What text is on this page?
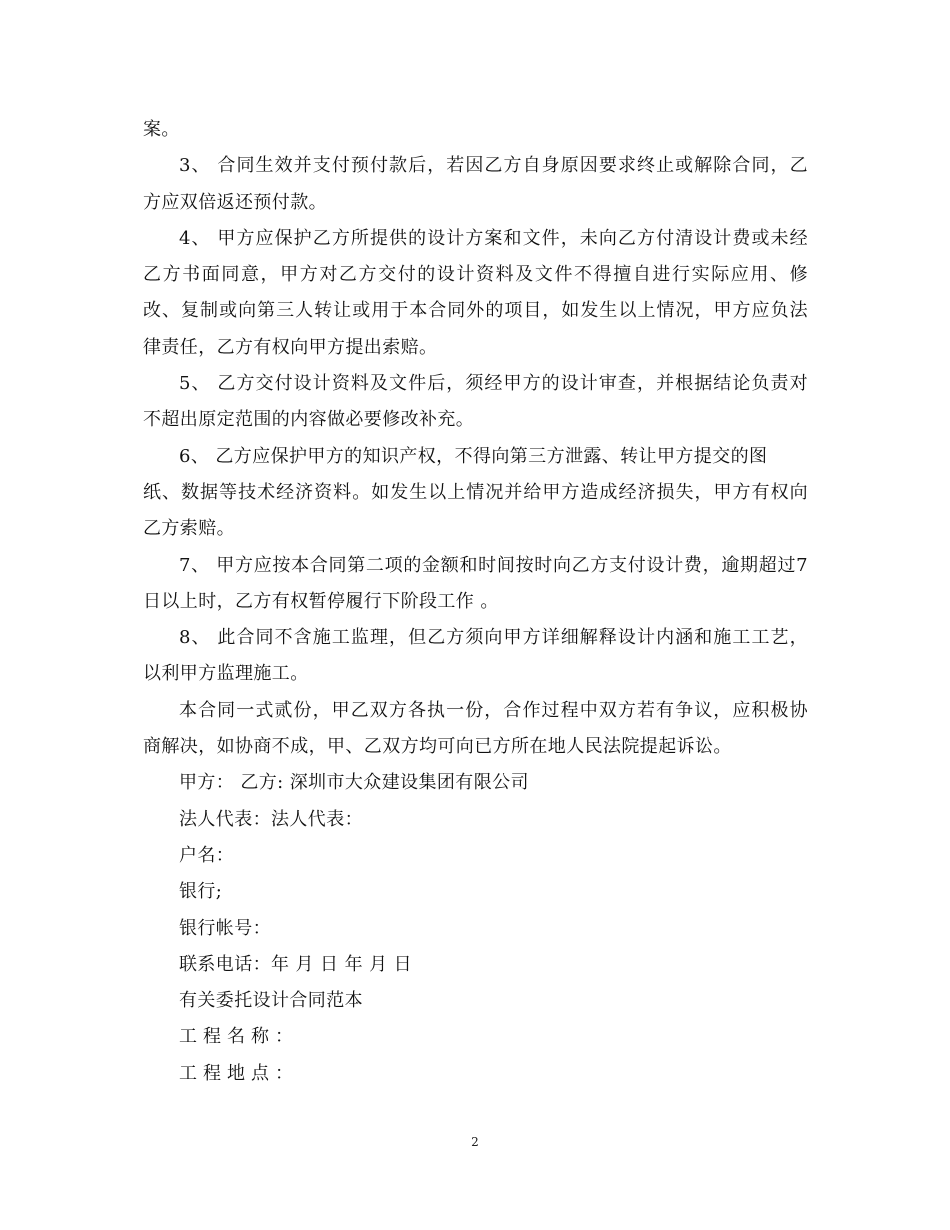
案。
3、 合同生效并支付预付款后，若因乙方自身原因要求终止或解除合同，乙
方应双倍返还预付款。
4、 甲方应保护乙方所提供的设计方案和文件，未向乙方付清设计费或未经
乙方书面同意，甲方对乙方交付的设计资料及文件不得擅自进行实际应用、修
改、复制或向第三人转让或用于本合同外的项目，如发生以上情况，甲方应负法
律责任，乙方有权向甲方提出索赔。
5、 乙方交付设计资料及文件后，须经甲方的设计审查，并根据结论负责对
不超出原定范围的内容做必要修改补充。
6、 乙方应保护甲方的知识产权，不得向第三方泄露、转让甲方提交的图
纸、数据等技术经济资料。如发生以上情况并给甲方造成经济损失，甲方有权向
乙方索赔。
7、 甲方应按本合同第二项的金额和时间按时向乙方支付设计费，逾期超过7
日以上时，乙方有权暂停履行下阶段工作 。
8、 此合同不含施工监理，但乙方须向甲方详细解释设计内涵和施工工艺，
以利甲方监理施工。
本合同一式贰份，甲乙双方各执一份，合作过程中双方若有争议，应积极协
商解决，如协商不成，甲、乙双方均可向已方所在地人民法院提起诉讼。
甲方： 乙方: 深圳市大众建设集团有限公司
法人代表：法人代表：
户名：
银行;
银行帐号：
联系电话：年 月 日 年 月 日
有关委托设计合同范本
工程名称：
工程地点：
2
